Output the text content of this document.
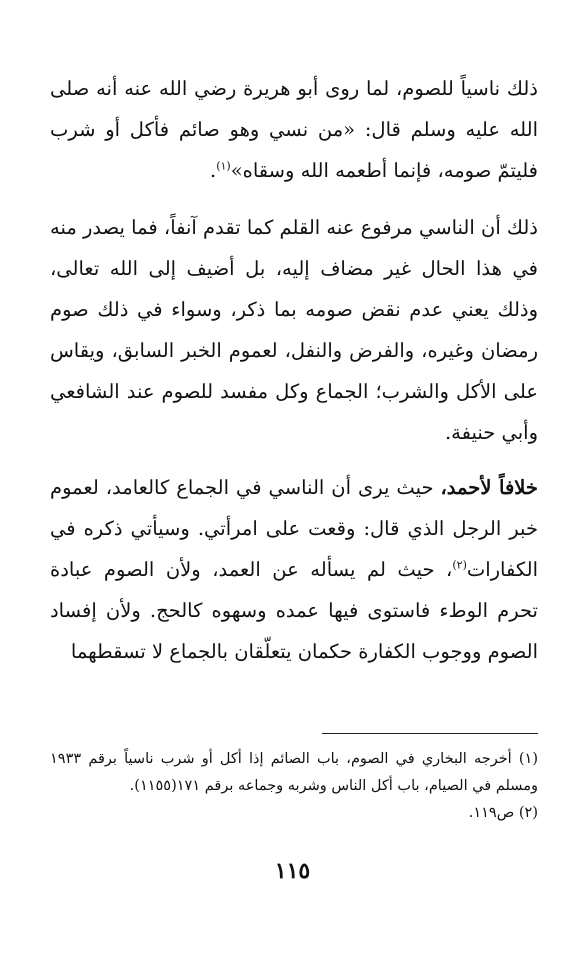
ذلك ناسياً للصوم، لما روى أبو هريرة رضي الله عنه أنه صلى الله عليه وسلم قال: «من نسي وهو صائم فأكل أو شرب فليتمّ صومه، فإنما أطعمه الله وسقاه»$^{(١)}$.

ذلك أن الناسي مرفوع عنه القلم كما تقدم آنفاً، فما يصدر منه في هذا الحال غير مضاف إليه، بل أضيف إلى الله تعالى، وذلك يعني عدم نقض صومه بما ذكر، وسواء في ذلك صوم رمضان وغيره، والفرض والنفل، لعموم الخبر السابق، ويقاس على الأكل والشرب؛ الجماع وكل مفسد للصوم عند الشافعي وأبي حنيفة.

خلافاً لأحمد، حيث يرى أن الناسي في الجماع كالعامد، لعموم خبر الرجل الذي قال: وقعت على امرأتي. وسيأتي ذكره في الكفارات$^{(٢)}$، حيث لم يسأله عن العمد، ولأن الصوم عبادة تحرم الوطء فاستوى فيها عمده وسهوه كالحج. ولأن إفساد الصوم ووجوب الكفارة حكمان يتعلّقان بالجماع لا تسقطهما

(١) أخرجه البخاري في الصوم، باب الصائم إذا أكل أو شرب ناسياً برقم ١٩٣٣ ومسلم في الصيام، باب أكل الناس وشربه وجماعه برقم ١٧١(١١٥٥).

(٢) ص١١٩.

١١٥
